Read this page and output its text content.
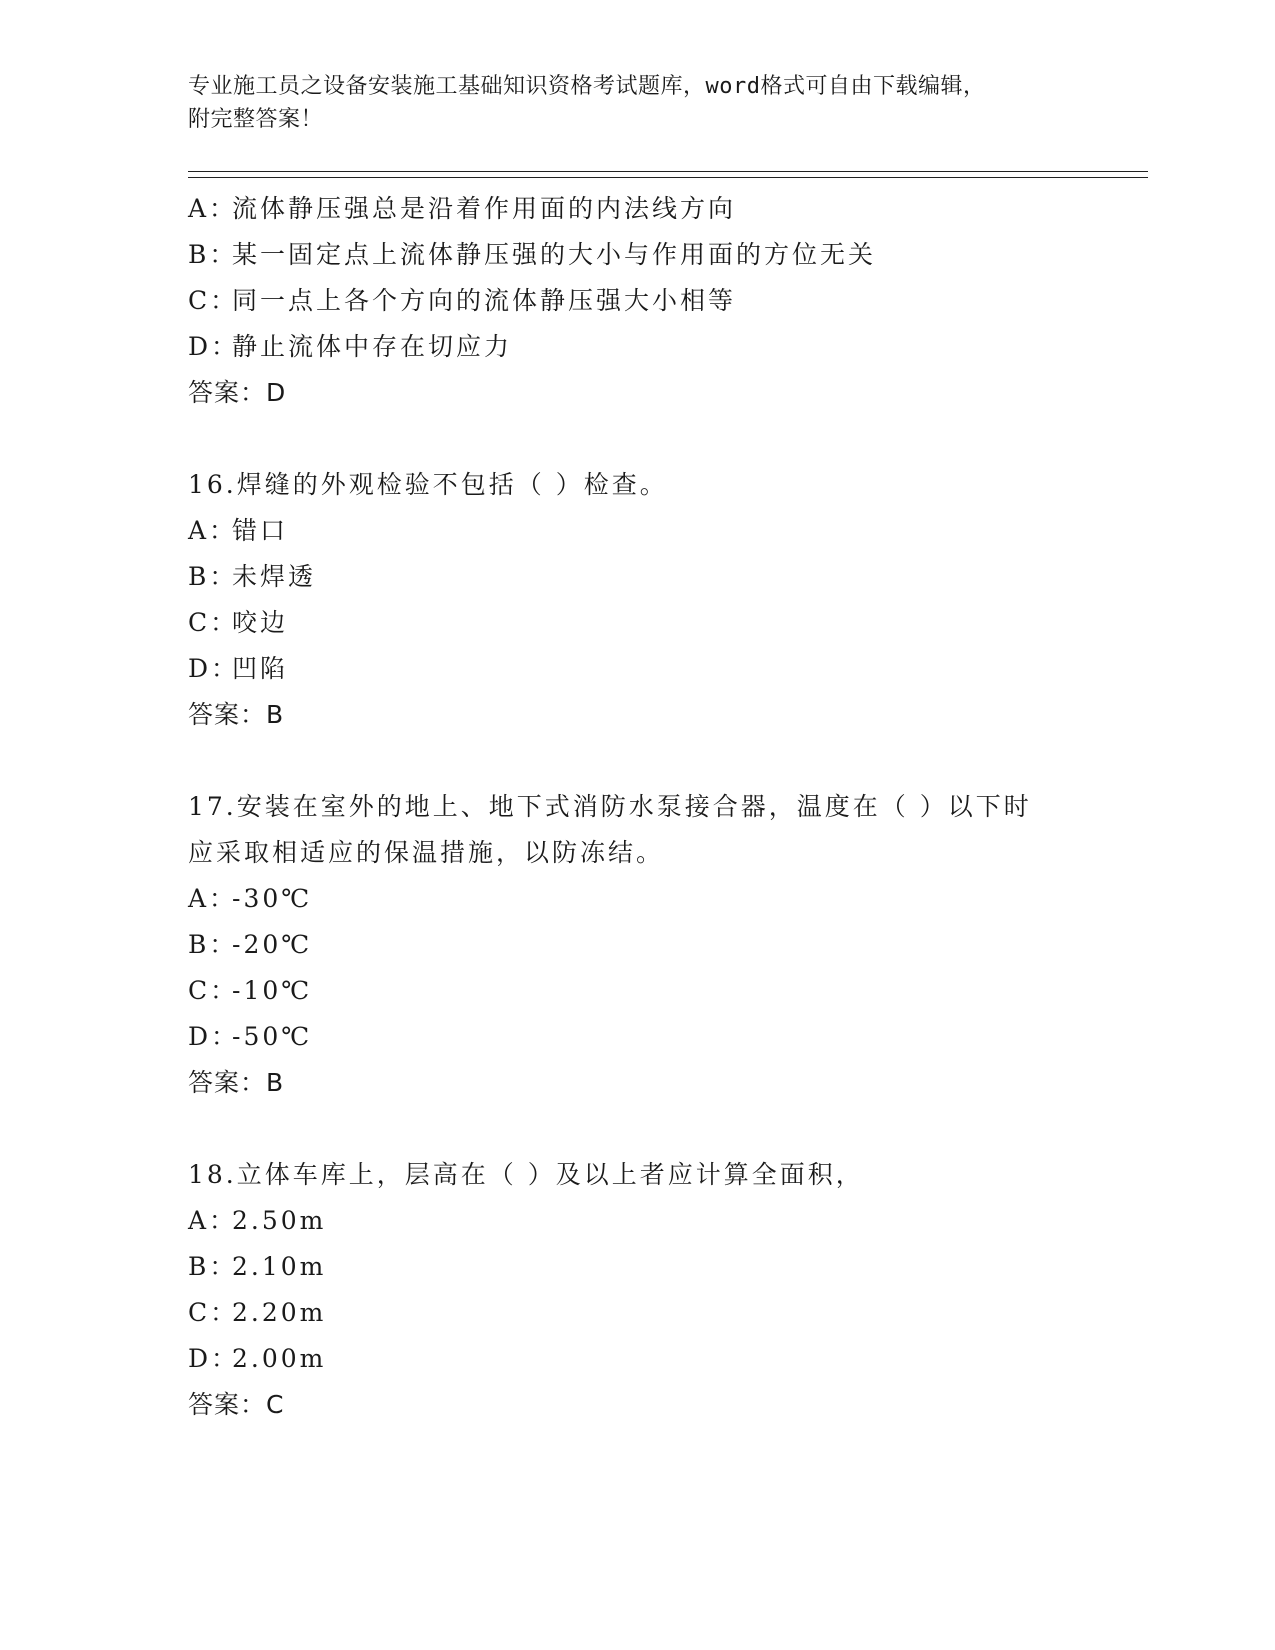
专业施工员之设备安装施工基础知识资格考试题库，word格式可自由下载编辑，
附完整答案！
A：流体静压强总是沿着作用面的内法线方向
B：某一固定点上流体静压强的大小与作用面的方位无关
C：同一点上各个方向的流体静压强大小相等
D：静止流体中存在切应力
答案：D
16.焊缝的外观检验不包括（ ）检查。
A：错口
B：未焊透
C：咬边
D：凹陷
答案：B
17.安装在室外的地上、地下式消防水泵接合器，温度在（ ）以下时
应采取相适应的保温措施，以防冻结。
A：-30℃
B：-20℃
C：-10℃
D：-50℃
答案：B
18.立体车库上，层高在（ ）及以上者应计算全面积，
A：2.50m
B：2.10m
C：2.20m
D：2.00m
答案：C
